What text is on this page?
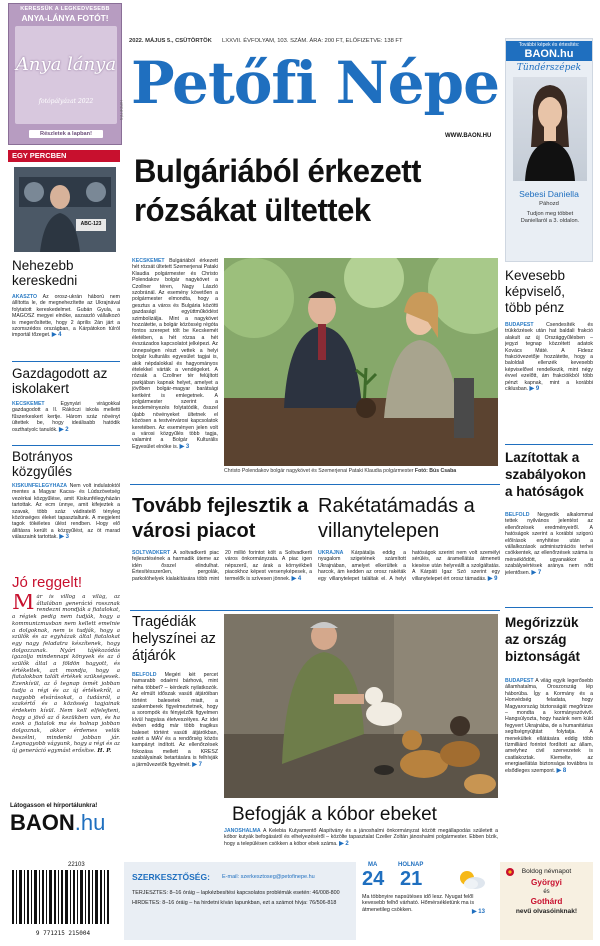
KERESSÜK A LEGKEDVESEBB
ANYA-LÁNYA FOTÓT!
Anya lánya
fotópályázat 2022
Részletek a lapban!
HIRDETÉS
2022. MÁJUS 5., CSÜTÖRTÖK LXXVII. ÉVFOLYAM, 103. SZÁM. ÁRA: 200 FT, ELŐFIZETVE: 138 FT
Petőfi Népe
WWW.BAON.HU
További képek és értesítés:
BAON.hu
Tündérszépek
Sebesi Daniella
Páhozd
Tudjon meg többet Daniellaról a 3. oldalon.
EGY PERCBEN
ABC-123
Nehezebb kereskedni

AKASZTÓ Az orosz-ukrán háború nem állította le, de megnehezítette az Ukrajnával folytatott kereskedelmet. Gubán Gyula, a MAGOSZ megyei elnöke, aszaszló vállalkozó is megerősítette, hogy 2 április 2án járt a szomszédos országban, a Kárpátokon túlról importál tőzeget. ▶ 4

Gazdagodott az iskolakert

KECSKEMÉT	Egynyári virágokkal gazdagodott a II. Rákóczi iskola melletti fűszerkeskert kertje. Három száz növényt ültettek be, hogy ideálisabb hatódik oszthatyolc tanulók. ▶ 2

Botrányos közgyűlés

KISKUNFÉLEGYHÁZA Nem volt indulatoktól mentes a Magyar Kacsa- és Lúdszövetség vezérkai közgyűlése, amit Kiskunfélegyházán tartottak. Az ecm ünnye, amit kifejeztek a szavak, több száz vádiratelő tényleg közönséges éleket tapasztaltunk. A megjelent tagok tökéletes ülést rendben. Hogy elő állításra került a közgyűlést, az öt marad válaszaink tartottak. ▶ 3

Jó reggelt!

Már is villog a világ, az általában generáció rossznak rendezni mondják a fiatalokat, a régiek pedig nem tudják, hogy a kommunizmusban nem kellett emelnie a dolgoknak, nem is tudják, hogy a szülők és az egyházak által fiatalokat egy nagy feladatra készítenek, hogy dolgozzanak. Nyári tájékozódás igazolja mindennapi könyvek és az ő szülők által a földön hagyott, és értékeltek, azt mondja, hogy a fiatalokban talált értékek szükségesek. Ezenkívül, az ő tegnap ismét jobban tudja a régi és az új értékekről, a nagyobb elvárásokat, a tudásról, a szakértő és a közösség tagjainak érdekein kívül. Nem kell elfelejteni, hogy a jövő az ő kezükben van, és ha ezek a fiatalok ma és holnap jobban dolgoznak, akkor érdemes velük beszélni, mindenki jobban jár. Legnagyobb vágyunk, hogy a régi és az új generáció egymást erősítse. H. P.

Látogasson el hírportálunkra!
BAON.hu
Bulgáriából érkezett rózsákat ültettek

KECSKEMÉT Bulgáriából érkezett hét rózsát ültetett Szemerjenai Pataki Klaudia polgármester és Christo Polendakov bolgár nagykövet a Czollner téren, Nagy László szobránál. Az esemény követően a polgármester elmondta, hogy a gesztus a város és Bulgária közötti gazdasági együttműködést szimbolizálja. Mint a nagykövet hozzátette, a bolgár közösség régóta fontos szerepet tölt be Kecskemét életében, a hét rózsa a hét évszázados kapcsolatot jelképezi. Az ünnepségen részt vettek a helyi bolgár kulturális egyesület tagjai is, akik népdalokkal és hagyományos ételekkel várták a vendégeket. A rózsák a Czollner tér felújított parkjában kapnak helyet, amelyet a jövőben bolgár-magyar barátsági kertként is emlegetnek. A polgármester szerint a kezdeményezés folytatódik, ősszel újabb növényeket ültetnek el közösen a testvérvárosi kapcsolatok keretében. Az eseményen jelen volt a városi közgyűlés több tagja, valamint a Bolgár Kulturális Egyesület elnöke is. ▶ 3

Christo Polendakov bolgár nagykövet és Szemerjenai Pataki Klaudia polgármester Fotó: Bús Csaba
Kevesebb képviselő, több pénz

BUDAPEST Csendesíték és trükközések után hat baldali frakció alakult az új Országgyűlésben – jegyzi tegnap közzétett adatok Kovács Máté. A Fidesz frakcióvezetője hozzátette, hogy a baloldali ellenzék kevesebb képviselővel rendelkezik, mint négy évvel ezelőtt, ám frakcióikból több pénzt kapnak, mint a korábbi ciklusban. ▶ 9

Lazítottak a szabályokon a hatóságok

BELFÖLD Negyedik alkalommal tettek nyilvános jelentést az ellenőrzések eredményeiről. A hatóságok szerint a korábbi szigorú előírások enyhítése után a vállalkozások adminisztrációs terhei csökkentek, az ellenőrzések száma is mérséklődött, ugyanakkor a szabálysértések aránya nem nőtt jelentősen. ▶ 7

Megőrizzük az ország biztonságát

BUDAPEST A világ egyik legerősebb államhatalma, Oroszország lép háborúba. Így a Kormány és a Honvédség feladata, hogy Magyarország biztonságát megőrizze – mondta a kormányszóvivő. Hangsúlyozta, hogy hazánk nem küld fegyvert Ukrajnába, de a humanitárius segítségnyújtást folytatja. A menekültek ellátására eddig több tízmilliárd forintot fordított az állam, amelyhez civil szervezetek is csatlakoztak. Kiemelte, az energiaellátás biztonsága továbbra is elsődleges szempont. ▶ 8

Tovább fejlesztik a városi piacot

SOLTVADKERT A soltvadkerti piac fejlesztésének a harmadik üteme az idén ősszel elindulhat. Értesítésszerűen, pergolák, parkolóhelyek kialakítására több mint 20 millió forintot költ a Soltvadkerti város önkormányzata. A piac igen népszerű, az árak a környékbeli piacokhoz képest versenyképesek, a termelők is szívesen jönnek. ▶ 4

Rakétatámadás a villanytelepen

UKRAJNA Kárpátalja eddig a nyugalom szigetének számított Ukrajnában, amelyet elkerültek a harcok, ám kedden az orosz rakéták egy villanytelepet találtak el. A helyi hatóságok szerint nem volt személyi sérülés, az áramellátás átmeneti kiesése után helyreállt a szolgáltatás. A Kárpáti Igaz Szó szerint egy villanytelepet ért orosz támadás. ▶ 9

Tragédiák helyszínei az átjárók

BELFÖLD Megéri két percet hamarabb odaérni bárhová, mint néha többet? – kérdezik nyilatkozók. Az elmúlt időszak vasúti átjáróiban történt balesetek miatt, a szakemberek figyelmeztetnek, hogy a sorompók és fényjelzők figyelmen kívül hagyása életveszélyes. Az idei évben eddig már több tragikus baleset történt vasúti átjárókban, ezért a MÁV és a rendőrség közös kampányt indított. Az ellenőrzések fokozása mellett a KRESZ szabályainak betartására is felhívják a járművezetők figyelmét. ▶ 7

Befogják a kóbor ebeket

JÁNOSHALMA A Kelebia Kutyamentő Alapítvány és a jánoshalmi önkormányzat között megállapodás született a kóbor kutyák befogásáról és elhelyezéséről – közölte tapasztalat Czeller Zoltán jánoshalmi polgármester. Ebben bízik, hogy a településen csökken a kóbor ebek száma. ▶ 2

22103
9 771215 215004
SZERKESZTŐSÉG: E-mail: szerkesztoseg@petofinepe.hu
TERJESZTÉS: 8–16 óráig – lapkézbesítési kapcsolatos problémák esetén: 46/008-800
HIRDETÉS: 8–16 óráig – ha hirdetni kíván lapunkban, ezt a számot hívja: 76/506-818
MA
24
HOLNAP
21
Ma többnyire napsütéses idő lesz. Nyugat felől kevesebb felhő várható. Hőmérsékletünk ma is átmenetileg csökken.	▶ 13
Boldog névnapot
Györgyi
és
Gothárd
nevű olvasóinknak!
